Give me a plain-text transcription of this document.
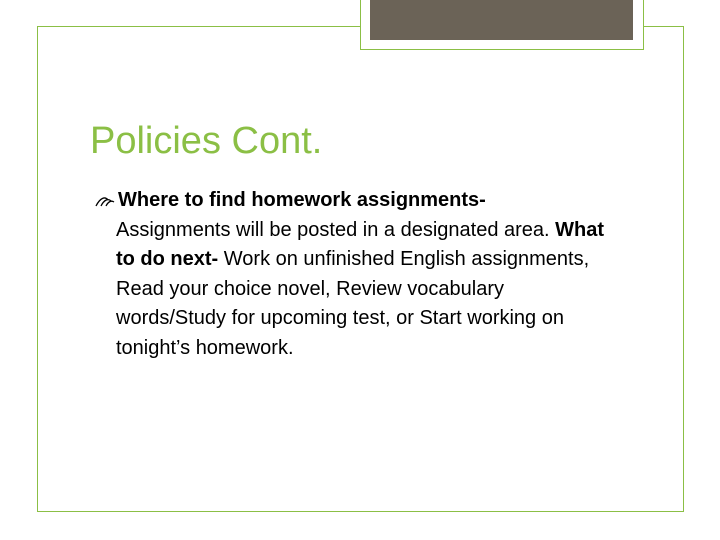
Policies Cont.

Where to find homework assignments-
Assignments will be posted in a designated area. What to do next- Work on unfinished English assignments, Read your choice novel, Review vocabulary words/Study for upcoming test, or Start working on tonight’s homework.
